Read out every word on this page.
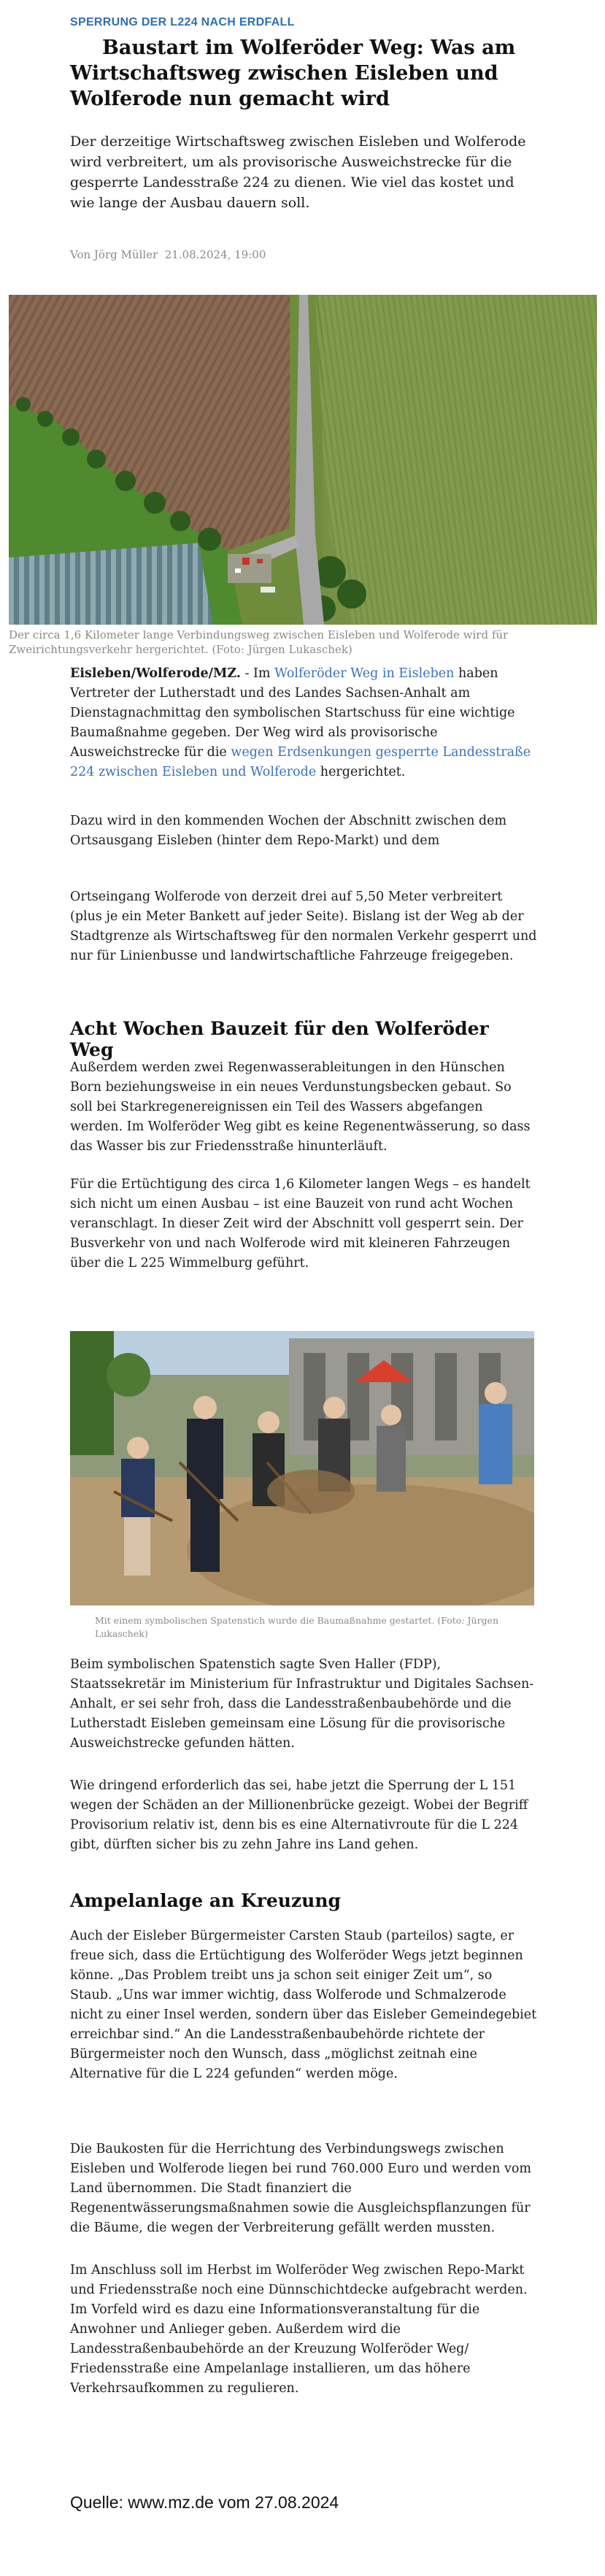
SPERRUNG DER L224 NACH ERDFALL
Baustart im Wolferöder Weg: Was am Wirtschaftsweg zwischen Eisleben und Wolferode nun gemacht wird

Der derzeitige Wirtschaftsweg zwischen Eisleben und Wolferode wird verbreitert, um als provisorische Ausweichstrecke für die gesperrte Landesstraße 224 zu dienen. Wie viel das kostet und wie lange der Ausbau dauern soll.

Von Jörg Müller 21.08.2024, 19:00
Der circa 1,6 Kilometer lange Verbindungsweg zwischen Eisleben und Wolferode wird für Zweirichtungsverkehr hergerichtet. (Foto: Jürgen Lukaschek)

Eisleben/Wolferode/MZ. - Im Wolferöder Weg in Eisleben haben Vertreter der Lutherstadt und des Landes Sachsen-Anhalt am Dienstagnachmittag den symbolischen Startschuss für eine wichtige Baumaßnahme gegeben. Der Weg wird als provisorische Ausweichstrecke für die wegen Erdsenkungen gesperrte Landesstraße 224 zwischen Eisleben und Wolferode hergerichtet.

Dazu wird in den kommenden Wochen der Abschnitt zwischen dem Ortsausgang Eisleben (hinter dem Repo-Markt) und dem

Ortseingang Wolferode von derzeit drei auf 5,50 Meter verbreitert (plus je ein Meter Bankett auf jeder Seite). Bislang ist der Weg ab der Stadtgrenze als Wirtschaftsweg für den normalen Verkehr gesperrt und nur für Linienbusse und landwirtschaftliche Fahrzeuge freigegeben.

Acht Wochen Bauzeit für den Wolferöder Weg

Außerdem werden zwei Regenwasserableitungen in den Hünschen Born beziehungsweise in ein neues Verdunstungsbecken gebaut. So soll bei Starkregenereignissen ein Teil des Wassers abgefangen werden. Im Wolferöder Weg gibt es keine Regenentwässerung, so dass das Wasser bis zur Friedensstraße hinunterläuft.

Für die Ertüchtigung des circa 1,6 Kilometer langen Wegs – es handelt sich nicht um einen Ausbau – ist eine Bauzeit von rund acht Wochen veranschlagt. In dieser Zeit wird der Abschnitt voll gesperrt sein. Der Busverkehr von und nach Wolferode wird mit kleineren Fahrzeugen über die L 225 Wimmelburg geführt.

Mit einem symbolischen Spatenstich wurde die Baumaßnahme gestartet. (Foto: Jürgen Lukaschek)

Beim symbolischen Spatenstich sagte Sven Haller (FDP), Staatssekretär im Ministerium für Infrastruktur und Digitales Sachsen-Anhalt, er sei sehr froh, dass die Landesstraßenbaubehörde und die Lutherstadt Eisleben gemeinsam eine Lösung für die provisorische Ausweichstrecke gefunden hätten.

Wie dringend erforderlich das sei, habe jetzt die Sperrung der L 151 wegen der Schäden an der Millionenbrücke gezeigt. Wobei der Begriff Provisorium relativ ist, denn bis es eine Alternativroute für die L 224 gibt, dürften sicher bis zu zehn Jahre ins Land gehen.

Ampelanlage an Kreuzung

Auch der Eisleber Bürgermeister Carsten Staub (parteilos) sagte, er freue sich, dass die Ertüchtigung des Wolferöder Wegs jetzt beginnen könne. „Das Problem treibt uns ja schon seit einiger Zeit um“, so Staub. „Uns war immer wichtig, dass Wolferode und Schmalzerode nicht zu einer Insel werden, sondern über das Eisleber Gemeindegebiet erreichbar sind.“ An die Landesstraßenbaubehörde richtete der Bürgermeister noch den Wunsch, dass „möglichst zeitnah eine Alternative für die L 224 gefunden“ werden möge.

Die Baukosten für die Herrichtung des Verbindungswegs zwischen Eisleben und Wolferode liegen bei rund 760.000 Euro und werden vom Land übernommen. Die Stadt finanziert die Regenentwässerungsmaßnahmen sowie die Ausgleichspflanzungen für die Bäume, die wegen der Verbreiterung gefällt werden mussten.

Im Anschluss soll im Herbst im Wolferöder Weg zwischen Repo-Markt und Friedensstraße noch eine Dünnschichtdecke aufgebracht werden. Im Vorfeld wird es dazu eine Informationsveranstaltung für die Anwohner und Anlieger geben. Außerdem wird die Landesstraßenbaubehörde an der Kreuzung Wolferöder Weg/ Friedensstraße eine Ampelanlage installieren, um das höhere Verkehrsaufkommen zu regulieren.

Quelle: www.mz.de vom 27.08.2024
